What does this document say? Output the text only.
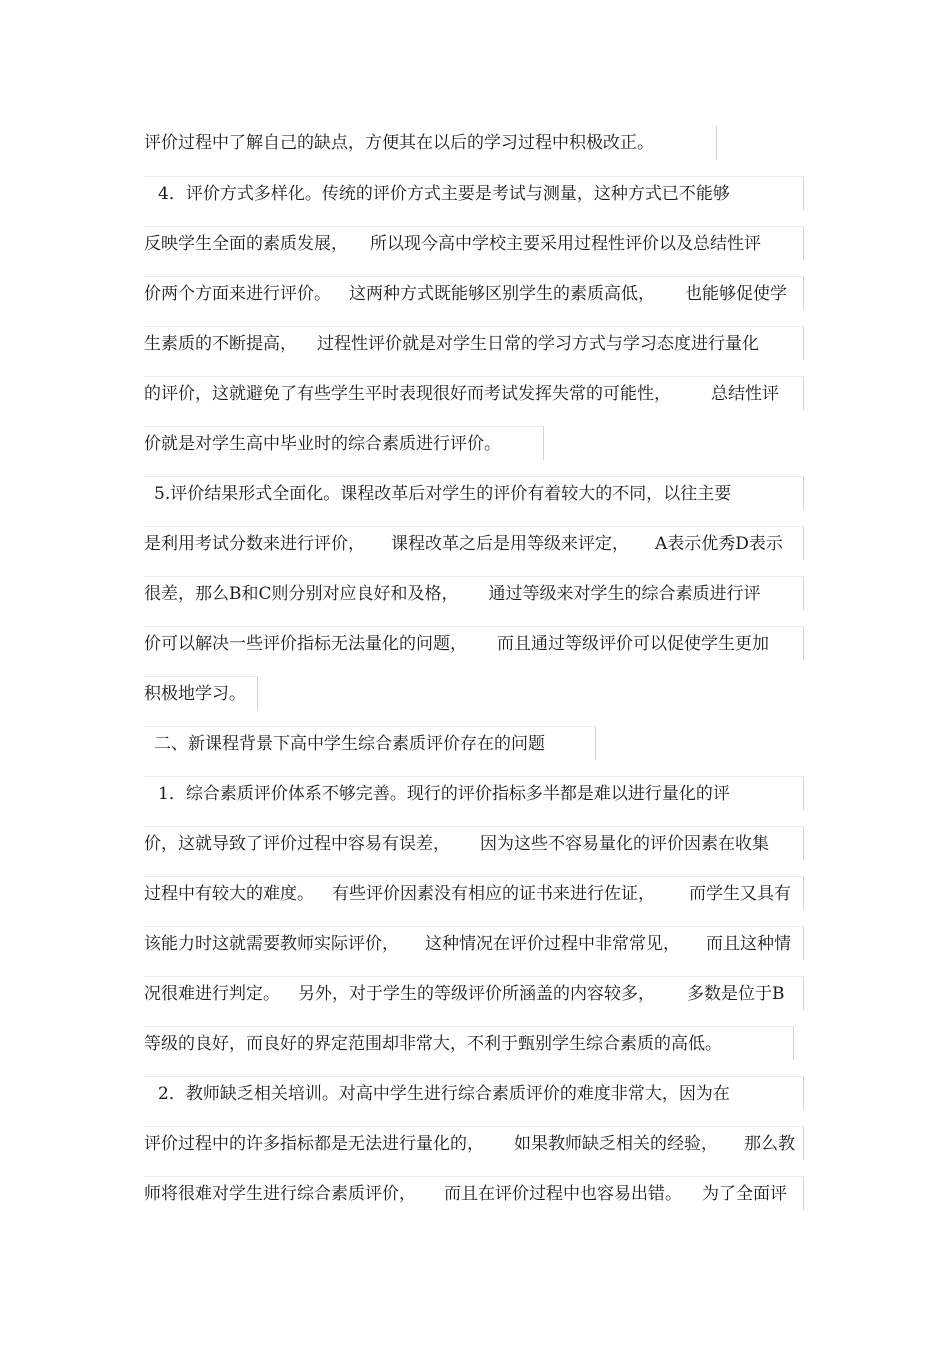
评价过程中了解自己的缺点，方便其在以后的学习过程中积极改正。
4．评价方式多样化。传统的评价方式主要是考试与测量，这种方式已不能够
反映学生全面的素质发展， 所以现今高中学校主要采用过程性评价以及总结性评
价两个方面来进行评价。 这两种方式既能够区别学生的素质高低， 也能够促使学
生素质的不断提高， 过程性评价就是对学生日常的学习方式与学习态度进行量化
的评价，这就避免了有些学生平时表现很好而考试发挥失常的可能性， 总结性评
价就是对学生高中毕业时的综合素质进行评价。
5.评价结果形式全面化。课程改革后对学生的评价有着较大的不同，以往主要
是利用考试分数来进行评价， 课程改革之后是用等级来评定， A表示优秀D表示
很差，那么B和C则分别对应良好和及格， 通过等级来对学生的综合素质进行评
价可以解决一些评价指标无法量化的问题， 而且通过等级评价可以促使学生更加
积极地学习。
二、新课程背景下高中学生综合素质评价存在的问题
1．综合素质评价体系不够完善。现行的评价指标多半都是难以进行量化的评
价，这就导致了评价过程中容易有误差， 因为这些不容易量化的评价因素在收集
过程中有较大的难度。 有些评价因素没有相应的证书来进行佐证， 而学生又具有
该能力时这就需要教师实际评价， 这种情况在评价过程中非常常见， 而且这种情
况很难进行判定。 另外，对于学生的等级评价所涵盖的内容较多， 多数是位于B
等级的良好，而良好的界定范围却非常大，不利于甄别学生综合素质的高低。
2．教师缺乏相关培训。对高中学生进行综合素质评价的难度非常大，因为在
评价过程中的许多指标都是无法进行量化的， 如果教师缺乏相关的经验， 那么教
师将很难对学生进行综合素质评价， 而且在评价过程中也容易出错。 为了全面评
